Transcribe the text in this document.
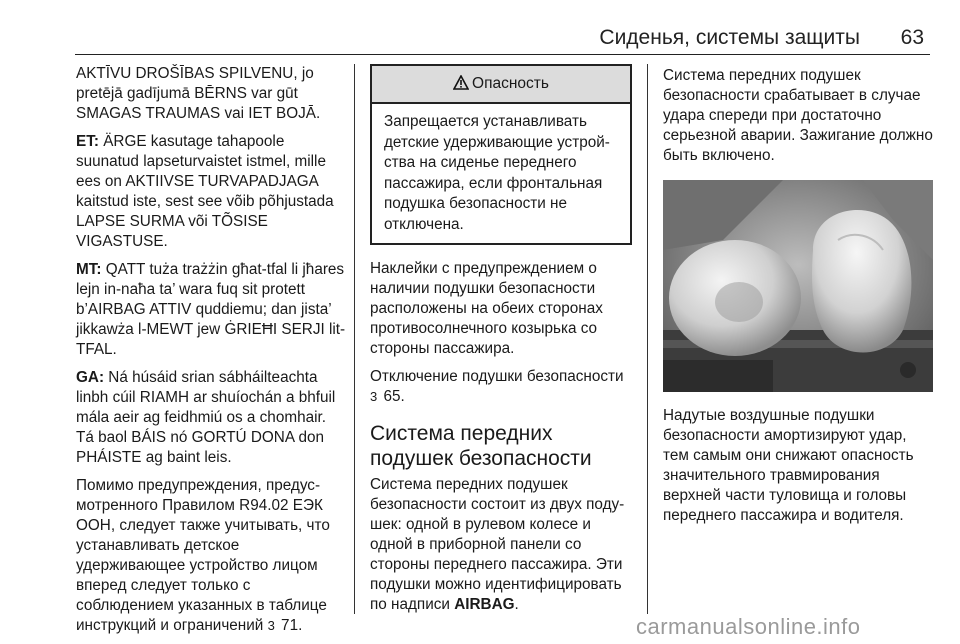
Сиденья, системы защиты 63

AKTĪVU DROŠĪBAS SPILVENU, jo pretējā gadījumā BĒRNS var gūt SMAGAS TRAUMAS vai IET BOJĀ.

ET: ÄRGE kasutage tahapoole suunatud lapseturvaistet istmel, mille ees on AKTIIVSE TURVAPADJAGA kaitstud iste, sest see võib põhjustada LAPSE SURMA või TÕSISE VIGASTUSE.

MT: QATT tuża trażżin għat-tfal li jħares lejn in-naħa ta’ wara fuq sit protett b’AIRBAG ATTIV quddiemu; dan jista’ jikkawża l-MEWT jew ĠRIEĦI SERJI lit-TFAL.

GA: Ná húsáid srian sábháilteachta linbh cúil RIAMH ar shuíochán a bhfuil mála aeir ag feidhmiú os a chomhair. Tá baol BÁIS nó GORTÚ DONA don PHÁISTE ag baint leis.

Помимо предупреждения, предусмотренного Правилом R94.02 ЕЭК ООН, следует также учитывать, что устанавливать детское удерживающее устройство лицом вперед следует только с соблюдением указанных в таблице инструкций и ограничений 3 71.

Опасность
Запрещается устанавливать детские удерживающие устройства на сиденье переднего пассажира, если фронтальная подушка безопасности не отключена.

Наклейки с предупреждением о наличии подушки безопасности расположены на обеих сторонах противосолнечного козырька со стороны пассажира.

Отключение подушки безопасности 3 65.

Система передних подушек безопасности

Система передних подушек безопасности состоит из двух подушек: одной в рулевом колесе и одной в приборной панели со стороны переднего пассажира. Эти подушки можно идентифицировать по надписи AIRBAG.

Система передних подушек безопасности срабатывает в случае удара спереди при достаточно серьезной аварии. Зажигание должно быть включено.

Надутые воздушные подушки безопасности амортизируют удар, тем самым они снижают опасность значительного травмирования верхней части туловища и головы переднего пассажира и водителя.

carmanualsonline.info
